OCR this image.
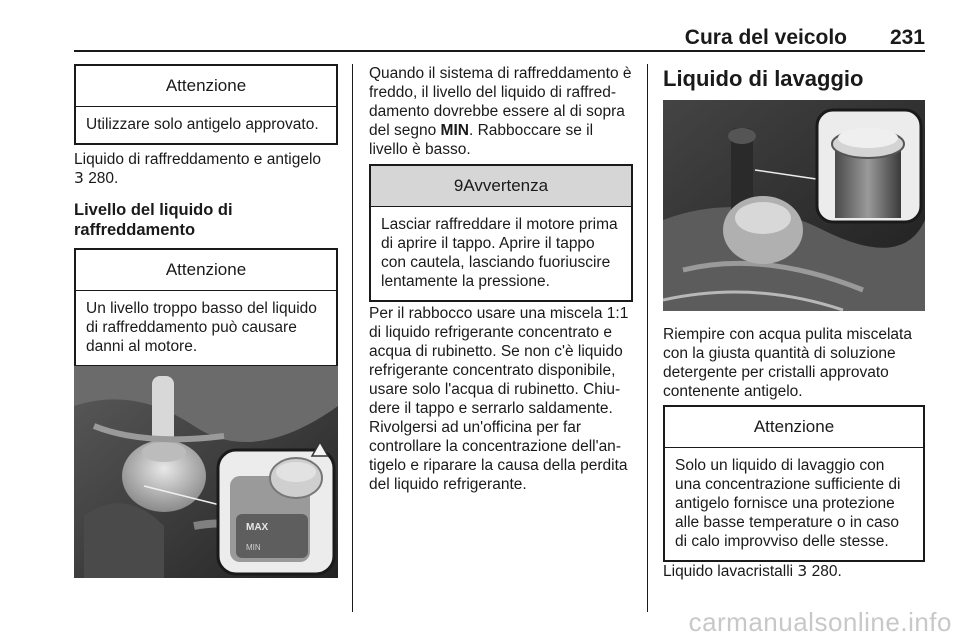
Cura del veicolo 231
Attenzione
Utilizzare solo antigelo approvato.

Liquido di raffreddamento e antigelo
3 280.

Livello del liquido di
raffreddamento

Attenzione
Un livello troppo basso del liquido di raffreddamento può causare danni al motore.
MAX
MIN

Quando il sistema di raffreddamento è freddo, il livello del liquido di raffreddamento dovrebbe essere al di sopra del segno MIN. Rabboccare se il livello è basso.

9Avvertenza
Lasciar raffreddare il motore prima di aprire il tappo. Aprire il tappo con cautela, lasciando fuoriuscire lentamente la pressione.

Per il rabbocco usare una miscela 1:1 di liquido refrigerante concentrato e acqua di rubinetto. Se non c'è liquido refrigerante concentrato disponibile, usare solo l'acqua di rubinetto. Chiudere il tappo e serrarlo saldamente. Rivolgersi ad un'officina per far controllare la concentrazione dell'antigelo e riparare la causa della perdita del liquido refrigerante.

Liquido di lavaggio

Riempire con acqua pulita miscelata con la giusta quantità di soluzione detergente per cristalli approvato contenente antigelo.

Attenzione
Solo un liquido di lavaggio con una concentrazione sufficiente di antigelo fornisce una protezione alle basse temperature o in caso di calo improvviso delle stesse.

Liquido lavacristalli 3 280.

carmanualsonline.info
